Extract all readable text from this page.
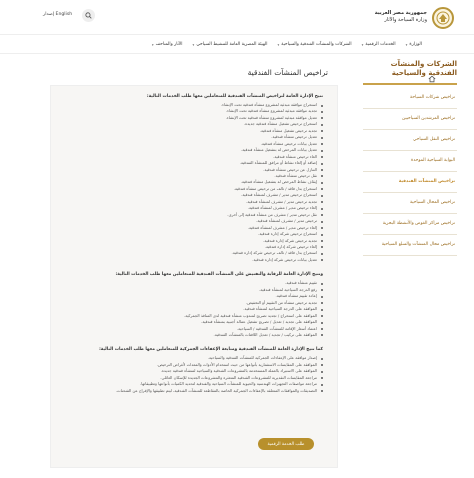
جمهورية مصر العربية
وزارة السياحة والآثار
English إصدار
الوزارة
▾
الخدمات الرقمية
▾
الشركات والمنشآت الفندقية والسياحية
▾
الهيئة المصرية العامة للتنشيط السياحي
▾
الآثار والمتاحف
▾
الشركات والمنشآت الفندقية والسياحية
تراخيص شركات السياحة
تراخيص المرشدين السياحيين
تراخيص النقل السياحي
البوابة السياحية الموحدة
تراخيص المنشآت الفندقية
تراخيص المحال السياحية
تراخيص مراكز الغوص والأنشطة البحرية
تراخيص محال المنشآت والسلع السياحية
تراخيص المنشآت الفندقية
تتيح الإدارة العامة لتراخيص المنشآت الفندقية للمتعاملين معها طلب الخدمات التالية:
استخراج موافقة مبدئية لمشروع منشأة فندقية تحت الإنشاء.
تجديد موافقة مبدئية لمشروع منشأة فندقية تحت الإنشاء.
تعديل موافقة مبدئية لمشروع منشأة فندقية تحت الإنشاء.
استخراج ترخيص تشغيل منشأة فندقية جديدة.
تجديد ترخيص تشغيل منشأة فندقية.
تعديل ترخيص منشأة فندقية.
تعديل بيانات ترخيص منشأة فندقية.
تعديل بيانات المرخص له بتشغيل منشأة فندقية.
الغاء ترخيص منشأة فندقية.
إضافة أو إلغاء نشاط أو مرافق للمنشأة الفندقية.
التنازل عن ترخيص منشأة فندقية.
نقل ترخيص منشأة فندقية.
إيقاف نشاط المرخص له بتشغيل منشأة فندقية.
استخراج بدل فاقد / تالف من ترخيص منشأة فندقية.
استخراج ترخيص مدير / مشرف لمنشأة فندقية.
تجديد ترخيص مدير / مشرف لمنشأة فندقية.
إلغاء ترخيص مدير / مشرف لمنشأة فندقية.
نقل ترخيص مدير / مشرف من منشأة فندقية إلى أخرى.
ترخيص مدير / مشرف لمنشأة فندقية.
إلغاء ترخيص مدير / مشرف لمنشأة فندقية.
استخراج ترخيص شركة إدارة فندقية.
تجديد ترخيص شركة إدارة فندقية.
إلغاء ترخيص شركة إدارة فندقية.
استخراج بدل فاقد / تالف ترخيص شركة إدارة فندقية.
تعديل بيانات ترخيص شركة إدارة فندقية.
وتتيح الإدارة العامة للرقابة والتفتيش على المنشآت الفندقية للمتعاملين معها طلب الخدمات التالية:
تقييم منشأة فندقية.
رفع الدرجة السياحية لمنشأة فندقية.
إعادة تقييم منشأة فندقية.
تجديد ترخيص منشأة من التقييم أو التخفيض.
الموافقة على الدرجة السياحية لمنشأة فندقية.
الموافقة على استخراج / تجديد تصريح لمندوب منشأة فندقية لدى المنافذ الجمركية.
الموافقة على تجديد / تعديل / تصريح تشغيل عمالة أجنبية بمنشأة فندقية.
اعتماد أسعار الإقامة للمنشآت الفندقية / السياحية.
الموافقة على تركيب / تجديد / تعديل اللافتات بالمنشآت الفندقية.
كما تتيح الإدارة العامة للمنشآت الفندقية ومتابعة الإعفاءات الجمركية للمتعاملين معها طلب الخدمات التالية:
إصدار موافقة على الإعفاءات الجمركية للمنشآت الفندقية والسياحية.
الموافقة على المقايسات الاستثمارية بأنواعها من حيث استخدام الأدوات والمعدات لأغراض الترخيص.
الموافقة على الاستيراد بالعملة المستخدمة بالمشروعات الفندقية والسياحية لمنشأة فندقية جديدة.
مراجعة المقايسات التقديرية للمشروعات الفندقية المتعثرة والمشروعات الجديدة للإسكان العائلي.
مراجعة مواصفات التجهيزات الهندسية والحيوية للمنشآت السياحية والفندقية لتحديد الكميات بأنواعها وتطبيقاتها.
التصديقات والموافقات المتعلقة بالإعفاءات الجمركية الخاصة بالمقاطعة للمنشآت الفندقية، ليتم تطبيقها والإفراج عن الشحنات.
طلب الخدمة الرقمية
